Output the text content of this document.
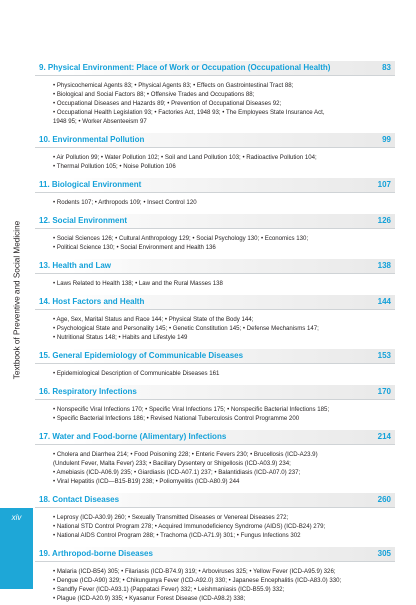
Textbook of Preventive and Social Medicine
xiv
9. Physical Environment: Place of Work or Occupation (Occupational Health)	83
• Physicochemical Agents 83; • Physical Agents 83; • Effects on Gastrointestinal Tract 88;
• Biological and Social Factors 88; • Offensive Trades and Occupations 88;
• Occupational Diseases and Hazards 89; • Prevention of Occupational Diseases 92;
• Occupational Health Legislation 93; • Factories Act, 1948 93; • The Employees State Insurance Act,
1948 95; • Worker Absenteeism 97
10. Environmental Pollution	99
• Air Pollution 99; • Water Pollution 102; • Soil and Land Pollution 103; • Radioactive Pollution 104;
• Thermal Pollution 105; • Noise Pollution 106
11. Biological Environment	107
• Rodents 107; • Arthropods 109; • Insect Control 120
12. Social Environment	126
• Social Sciences 126; • Cultural Anthropology 129; • Social Psychology 130; • Economics 130;
• Political Science 130; • Social Environment and Health 136
13. Health and Law	138
• Laws Related to Health 138; • Law and the Rural Masses 138
14. Host Factors and Health	144
• Age, Sex, Marital Status and Race 144; • Physical State of the Body 144;
• Psychological State and Personality 145; • Genetic Constitution 145; • Defense Mechanisms 147;
• Nutritional Status 148; • Habits and Lifestyle 149
15. General Epidemiology of Communicable Diseases	153
• Epidemiological Description of Communicable Diseases 161
16. Respiratory Infections	170
• Nonspecific Viral Infections 170; • Specific Viral Infections 175; • Nonspecific Bacterial Infections 185;
• Specific Bacterial Infections 186; • Revised National Tuberculosis Control Programme 200
17. Water and Food-borne (Alimentary) Infections	214
• Cholera and Diarrhea 214; • Food Poisoning 228; • Enteric Fevers 230; • Brucellosis (ICD-A23.9)
(Undulent Fever, Malta Fever) 233; • Bacillary Dysentery or Shigellosis (ICD-A03.9) 234;
• Amebiasis (ICD-A06.9) 235; • Giardiasis (ICD-A07.1) 237; • Balantidiasis (ICD-A07.0) 237;
• Viral Hepatitis (ICD—B15-B19) 238; • Poliomyelitis (ICD-A80.9) 244
18. Contact Diseases	260
• Leprosy (ICD-A30.9) 260; • Sexually Transmitted Diseases or Venereal Diseases 272;
• National STD Control Program 278; • Acquired Immunodeficiency Syndrome (AIDS) (ICD-B24) 279;
• National AIDS Control Program 288; • Trachoma (ICD-A71.9) 301; • Fungus Infections 302
19. Arthropod-borne Diseases	305
• Malaria (ICD-B54) 305; • Filariasis (ICD-B74.9) 319; • Arboviruses 325; • Yellow Fever (ICD-A95.9) 326;
• Dengue (ICD-A90) 329; • Chikungunya Fever (ICD-A92.0) 330; • Japanese Encephalitis (ICD-A83.0) 330;
• Sandfly Fever (ICD-A93.1) (Pappataci Fever) 332; • Leishmaniasis (ICD-B55.9) 332;
• Plague (ICD-A20.9) 335; • Kyasanur Forest Disease (ICD-A98.2) 338;
